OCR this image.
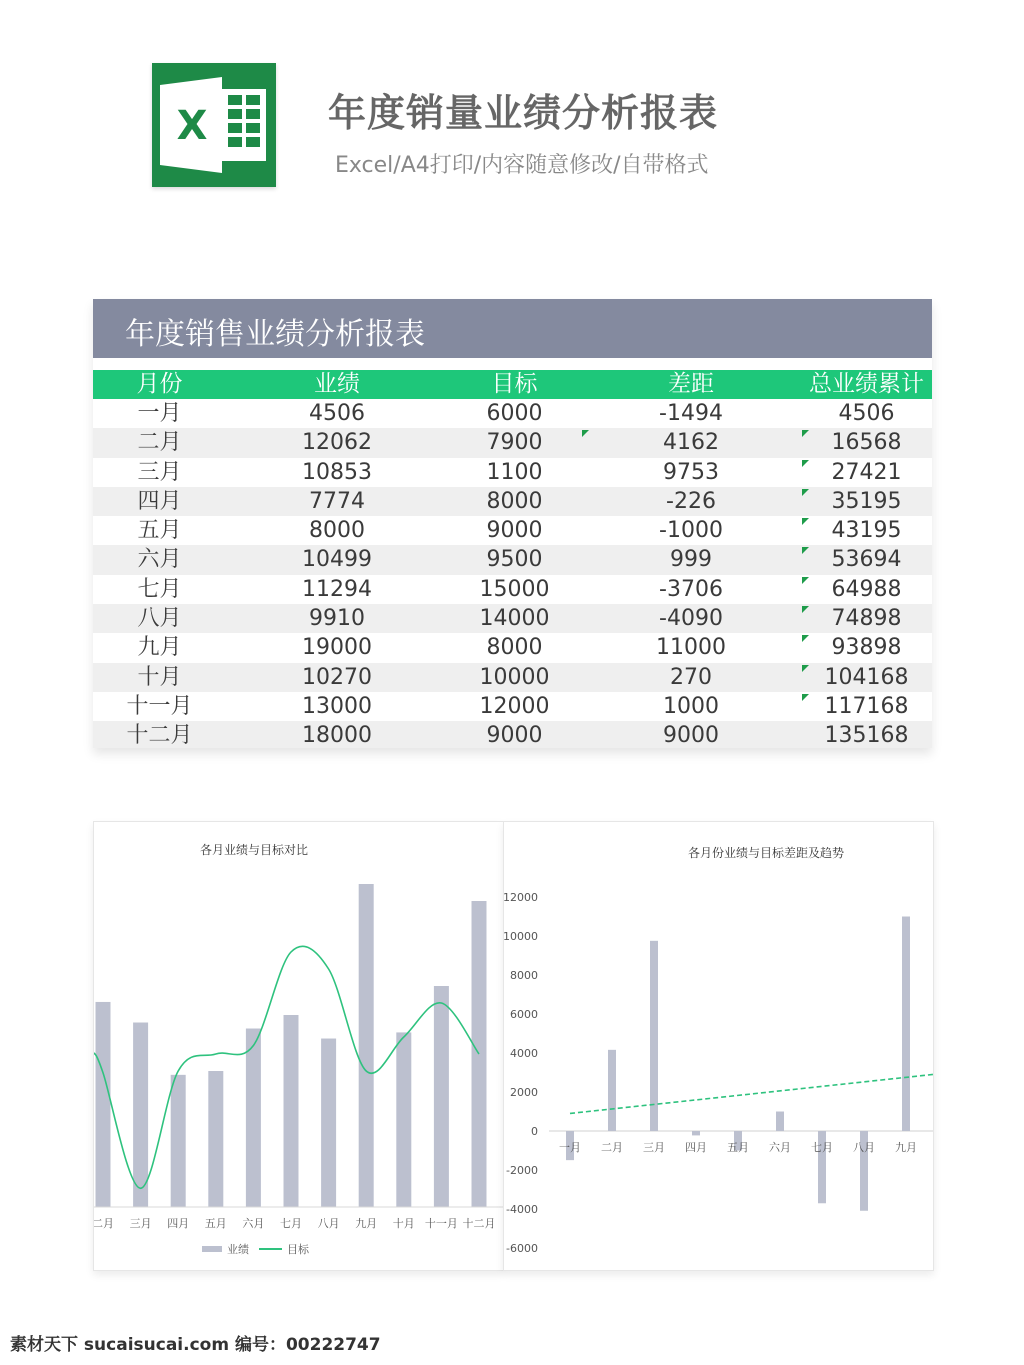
X	年度销量业绩分析报表
Excel/A4打印/内容随意修改/自带格式
年度销售业绩分析报表
月份	业绩	目标	差距	总业绩累计
一月	4506	6000	-1494	4506
二月	12062	7900	4162	16568
三月	10853	1100	9753	27421
四月	7774	8000	-226	35195
五月	8000	9000	-1000	43195
六月	10499	9500	999	53694
七月	11294	15000	-3706	64988
八月	9910	14000	-4090	74898
九月	19000	8000	11000	93898
十月	10270	10000	270	104168
十一月	13000	12000	1000	117168
十二月	18000	9000	9000	135168
各月业绩与目标对比
二月 三月 四月 五月 六月 七月 八月 九月 十月 十一月 十二月
业绩	目标
各月份业绩与目标差距及趋势
12000
10000
8000
6000
4000
2000
0
-2000
-4000
-6000
一月 二月 三月 四月 五月 六月 七月 八月 九月
素材天下 sucaisucai.com 编号：00222747
